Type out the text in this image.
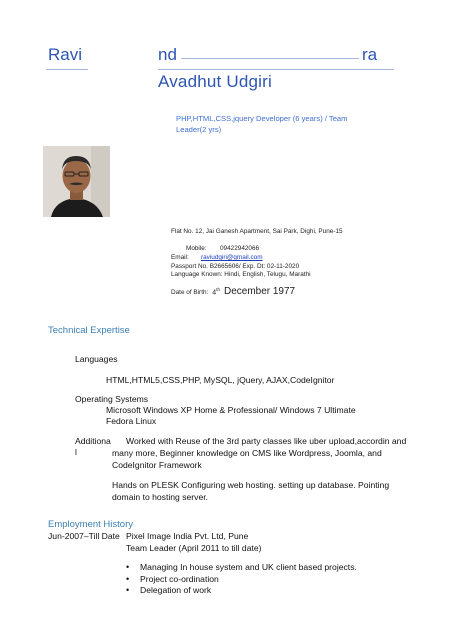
Ravi	nd	ra
Avadhut Udgiri
PHP,HTML,CSS,jquery Developer (6 years) / Team
Leader(2 yrs)
Flat No. 12, Jai Ganesh Apartment, Sai Park, Dighi, Pune-15
Mobile: 09422942066
Email: raviudgiri@gmail.com
Passport No. B2665606/ Exp. Dt: 02-11-2020
Language Known: Hindi, English, Telugu, Marathi
Date of Birth: 4th December 1977
Technical Expertise
Languages
HTML,HTML5,CSS,PHP, MySQL, jQuery, AJAX,CodeIgnitor
Operating Systems
Microsoft Windows XP Home & Professional/ Windows 7 Ultimate
Fedora Linux
Additiona
l
Worked with Reuse of the 3rd party classes like uber upload,accordin and
many more, Beginner knowledge on CMS like Wordpress, Joomla, and
CodeIgnitor Framework
Hands on PLESK Configuring web hosting. setting up database. Pointing
domain to hosting server.
Employment History
Jun-2007–Till Date Pixel Image India Pvt. Ltd, Pune
Team Leader (April 2011 to till date)
• Managing In house system and UK client based projects.
• Project co-ordination
• Delegation of work
